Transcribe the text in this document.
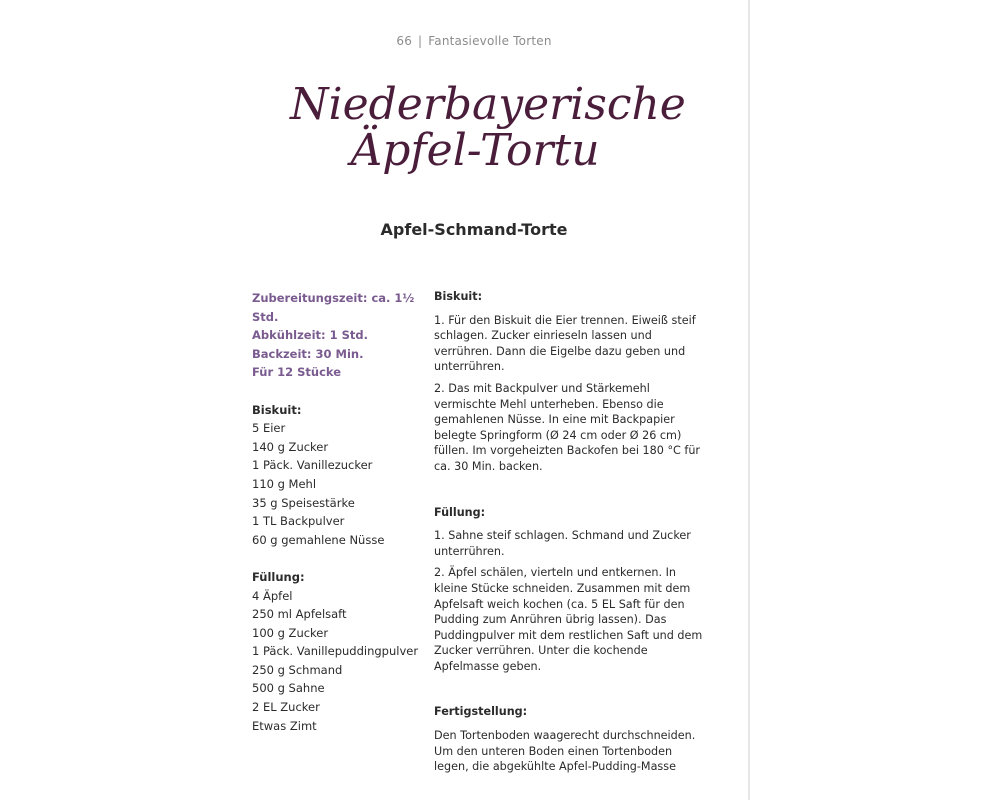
66 | Fantasievolle Torten
Niederbayerische
Äpfel-Tortu
Apfel-Schmand-Torte
Zubereitungszeit: ca. 1½ Std.
Abkühlzeit: 1 Std.
Backzeit: 30 Min.
Für 12 Stücke
Biskuit:
5 Eier
140 g Zucker
1 Päck. Vanillezucker
110 g Mehl
35 g Speisestärke
1 TL Backpulver
60 g gemahlene Nüsse
Füllung:
4 Äpfel
250 ml Apfelsaft
100 g Zucker
1 Päck. Vanillepuddingpulver
250 g Schmand
500 g Sahne
2 EL Zucker
Etwas Zimt
Biskuit:

1. Für den Biskuit die Eier trennen. Eiweiß steif schlagen. Zucker einrieseln lassen und verrühren. Dann die Eigelbe dazu geben und unterrühren.

2. Das mit Backpulver und Stärkemehl vermischte Mehl unterheben. Ebenso die gemahlenen Nüsse. In eine mit Backpapier belegte Springform (Ø 24 cm oder Ø 26 cm) füllen. Im vorgeheizten Backofen bei 180 °C für ca. 30 Min. backen.

Füllung:

1. Sahne steif schlagen. Schmand und Zucker unterrühren.

2. Äpfel schälen, vierteln und entkernen. In kleine Stücke schneiden. Zusammen mit dem Apfelsaft weich kochen (ca. 5 EL Saft für den Pudding zum Anrühren übrig lassen). Das Puddingpulver mit dem restlichen Saft und dem Zucker verrühren. Unter die kochende Apfelmasse geben.

Fertigstellung:

Den Tortenboden waagerecht durchschneiden. Um den unteren Boden einen Tortenboden legen, die abgekühlte Apfel-Pudding-Masse
